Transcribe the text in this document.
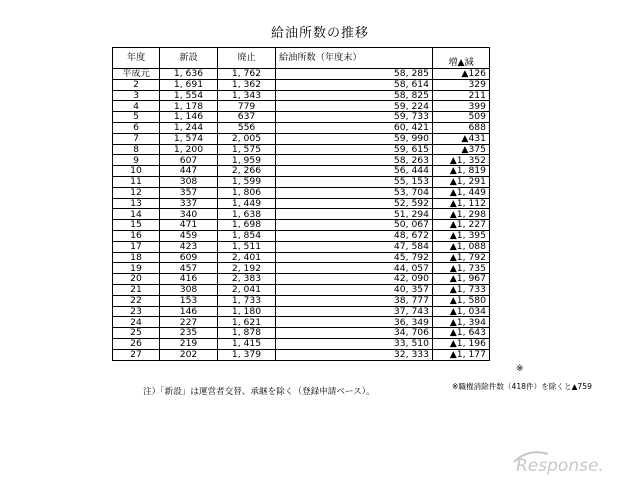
給油所数の推移
年度	新設	廃止	給油所数（年度末）	増▲減
平成元	1, 636	1, 762	58, 285	▲126
2	1, 691	1, 362	58, 614	329
3	1, 554	1, 343	58, 825	211
4	1, 178	779	59, 224	399
5	1, 146	637	59, 733	509
6	1, 244	556	60, 421	688
7	1, 574	2, 005	59, 990	▲431
8	1, 200	1, 575	59, 615	▲375
9	607	1, 959	58, 263	▲1, 352
10	447	2, 266	56, 444	▲1, 819
11	308	1, 599	55, 153	▲1, 291
12	357	1, 806	53, 704	▲1, 449
13	337	1, 449	52, 592	▲1, 112
14	340	1, 638	51, 294	▲1, 298
15	471	1, 698	50, 067	▲1, 227
16	459	1, 854	48, 672	▲1, 395
17	423	1, 511	47, 584	▲1, 088
18	609	2, 401	45, 792	▲1, 792
19	457	2, 192	44, 057	▲1, 735
20	416	2, 383	42, 090	▲1, 967
21	308	2, 041	40, 357	▲1, 733
22	153	1, 733	38, 777	▲1, 580
23	146	1, 180	37, 743	▲1, 034
24	227	1, 621	36, 349	▲1, 394
25	235	1, 878	34, 706	▲1, 643
26	219	1, 415	33, 510	▲1, 196
27	202	1, 379	32, 333	▲1, 177
※
注）「新設」は運営者交替、承継を除く（登録申請ベース）。
※職権消除件数（418件）を除くと▲759
Response.
